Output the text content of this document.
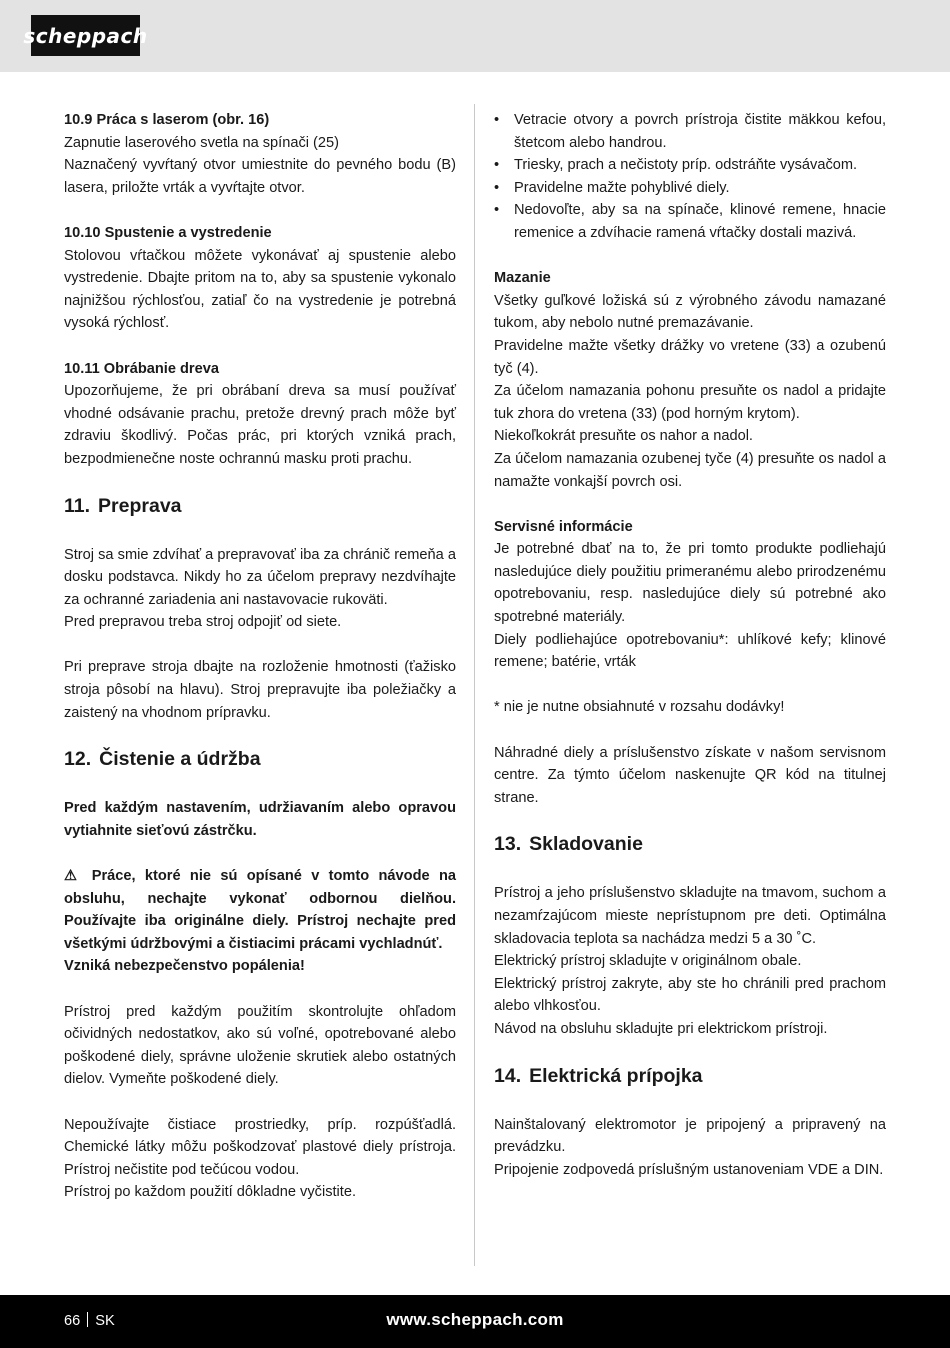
scheppach
10.9 Práca s laserom (obr. 16)

Zapnutie laserového svetla na spínači (25)

Naznačený vyvŕtaný otvor umiestnite do pevného bodu (B) lasera, priložte vrták a vyvŕtajte otvor.

10.10 Spustenie a vystredenie

Stolovou vŕtačkou môžete vykonávať aj spustenie alebo vystredenie. Dbajte pritom na to, aby sa spustenie vykonalo najnižšou rýchlosťou, zatiaľ čo na vystredenie je potrebná vysoká rýchlosť.

10.11 Obrábanie dreva

Upozorňujeme, že pri obrábaní dreva sa musí používať vhodné odsávanie prachu, pretože drevný prach môže byť zdraviu škodlivý. Počas prác, pri ktorých vzniká prach, bezpodmienečne noste ochrannú masku proti prachu.

11. Preprava

Stroj sa smie zdvíhať a prepravovať iba za chránič remeňa a dosku podstavca. Nikdy ho za účelom prepravy nezdvíhajte za ochranné zariadenia ani nastavovacie rukoväti.

Pred prepravou treba stroj odpojiť od siete.

Pri preprave stroja dbajte na rozloženie hmotnosti (ťažisko stroja pôsobí na hlavu). Stroj prepravujte iba poležiačky a zaistený na vhodnom prípravku.

12. Čistenie a údržba

Pred každým nastavením, udržiavaním alebo opravou vytiahnite sieťovú zástrčku.

⚠ Práce, ktoré nie sú opísané v tomto návode na obsluhu, nechajte vykonať odbornou dielňou. Používajte iba originálne diely. Prístroj nechajte pred všetkými údržbovými a čistiacimi prácami vychladnúť.

Vzniká nebezpečenstvo popálenia!

Prístroj pred každým použitím skontrolujte ohľadom očividných nedostatkov, ako sú voľné, opotrebované alebo poškodené diely, správne uloženie skrutiek alebo ostatných dielov. Vymeňte poškodené diely.

Nepoužívajte čistiace prostriedky, príp. rozpúšťadlá. Chemické látky môžu poškodzovať plastové diely prístroja. Prístroj nečistite pod tečúcou vodou.

Prístroj po každom použití dôkladne vyčistite.

• Vetracie otvory a povrch prístroja čistite mäkkou kefou, štetcom alebo handrou.
• Triesky, prach a nečistoty príp. odstráňte vysávačom.
• Pravidelne mažte pohyblivé diely.
• Nedovoľte, aby sa na spínače, klinové remene, hnacie remenice a zdvíhacie ramená vŕtačky dostali mazivá.
Mazanie

Všetky guľkové ložiská sú z výrobného závodu namazané tukom, aby nebolo nutné premazávanie.

Pravidelne mažte všetky drážky vo vretene (33) a ozubenú tyč (4).

Za účelom namazania pohonu presuňte os nadol a pridajte tuk zhora do vretena (33) (pod horným krytom).

Niekoľkokrát presuňte os nahor a nadol.

Za účelom namazania ozubenej tyče (4) presuňte os nadol a namažte vonkajší povrch osi.

Servisné informácie

Je potrebné dbať na to, že pri tomto produkte podliehajú nasledujúce diely použitiu primeranému alebo prirodzenému opotrebovaniu, resp. nasledujúce diely sú potrebné ako spotrebné materiály.

Diely podliehajúce opotrebovaniu*: uhlíkové kefy; klinové remene; batérie, vrták

* nie je nutne obsiahnuté v rozsahu dodávky!

Náhradné diely a príslušenstvo získate v našom servisnom centre. Za týmto účelom naskenujte QR kód na titulnej strane.

13. Skladovanie

Prístroj a jeho príslušenstvo skladujte na tmavom, suchom a nezamŕzajúcom mieste neprístupnom pre deti. Optimálna skladovacia teplota sa nachádza medzi 5 a 30 ˚C.

Elektrický prístroj skladujte v originálnom obale.

Elektrický prístroj zakryte, aby ste ho chránili pred prachom alebo vlhkosťou.

Návod na obsluhu skladujte pri elektrickom prístroji.

14. Elektrická prípojka

Nainštalovaný elektromotor je pripojený a pripravený na prevádzku.

Pripojenie zodpovedá príslušným ustanoveniam VDE a DIN.

66 SK	www.scheppach.com
